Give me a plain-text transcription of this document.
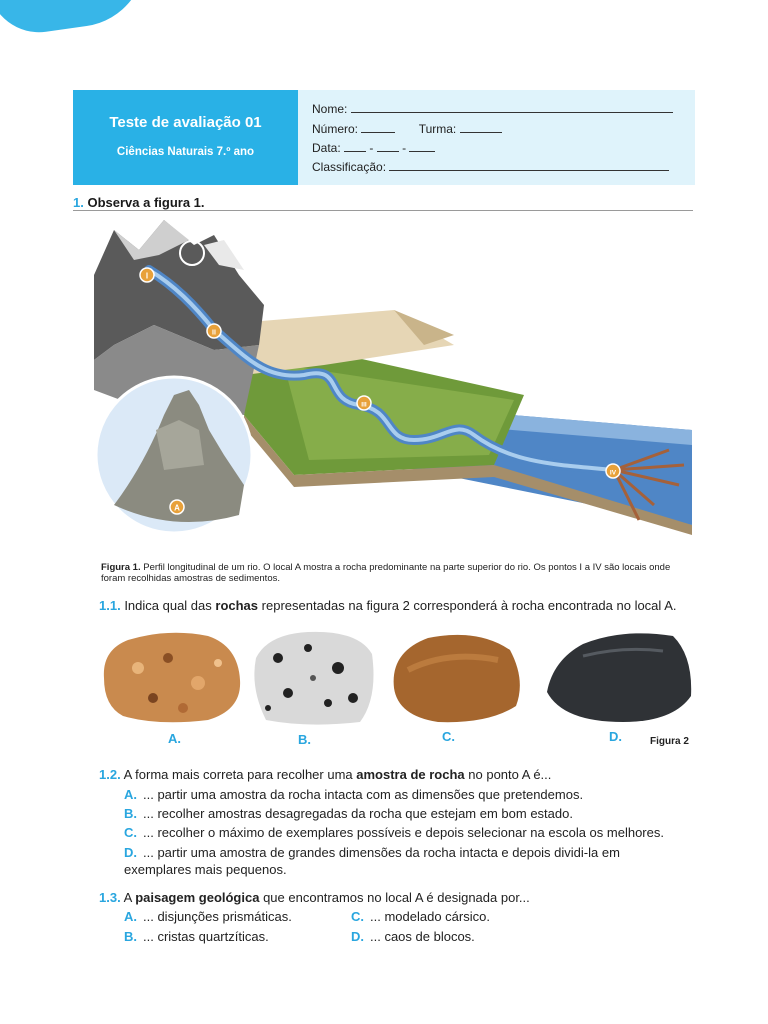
Teste de avaliação 01
Ciências Naturais 7.º ano
Nome:
Número:	Turma:
Data: - -
Classificação:
1. Observa a figura 1.
I
II
III
IV
A
Figura 1. Perfil longitudinal de um rio. O local A mostra a rocha predominante na parte superior do rio. Os pontos I a IV são locais onde foram recolhidas amostras de sedimentos.
1.1. Indica qual das rochas representadas na figura 2 corresponderá à rocha encontrada no local A.
A.	B.	C.	D.	Figura 2
1.2. A forma mais correta para recolher uma amostra de rocha no ponto A é...
A. ... partir uma amostra da rocha intacta com as dimensões que pretendemos.
B. ... recolher amostras desagregadas da rocha que estejam em bom estado.
C. ... recolher o máximo de exemplares possíveis e depois selecionar na escola os melhores.
D. ... partir uma amostra de grandes dimensões da rocha intacta e depois dividi-la em
exemplares mais pequenos.
1.3. A paisagem geológica que encontramos no local A é designada por...
A. ... disjunções prismáticas.
B. ... cristas quartzíticas.
C. ... modelado cársico.
D. ... caos de blocos.
